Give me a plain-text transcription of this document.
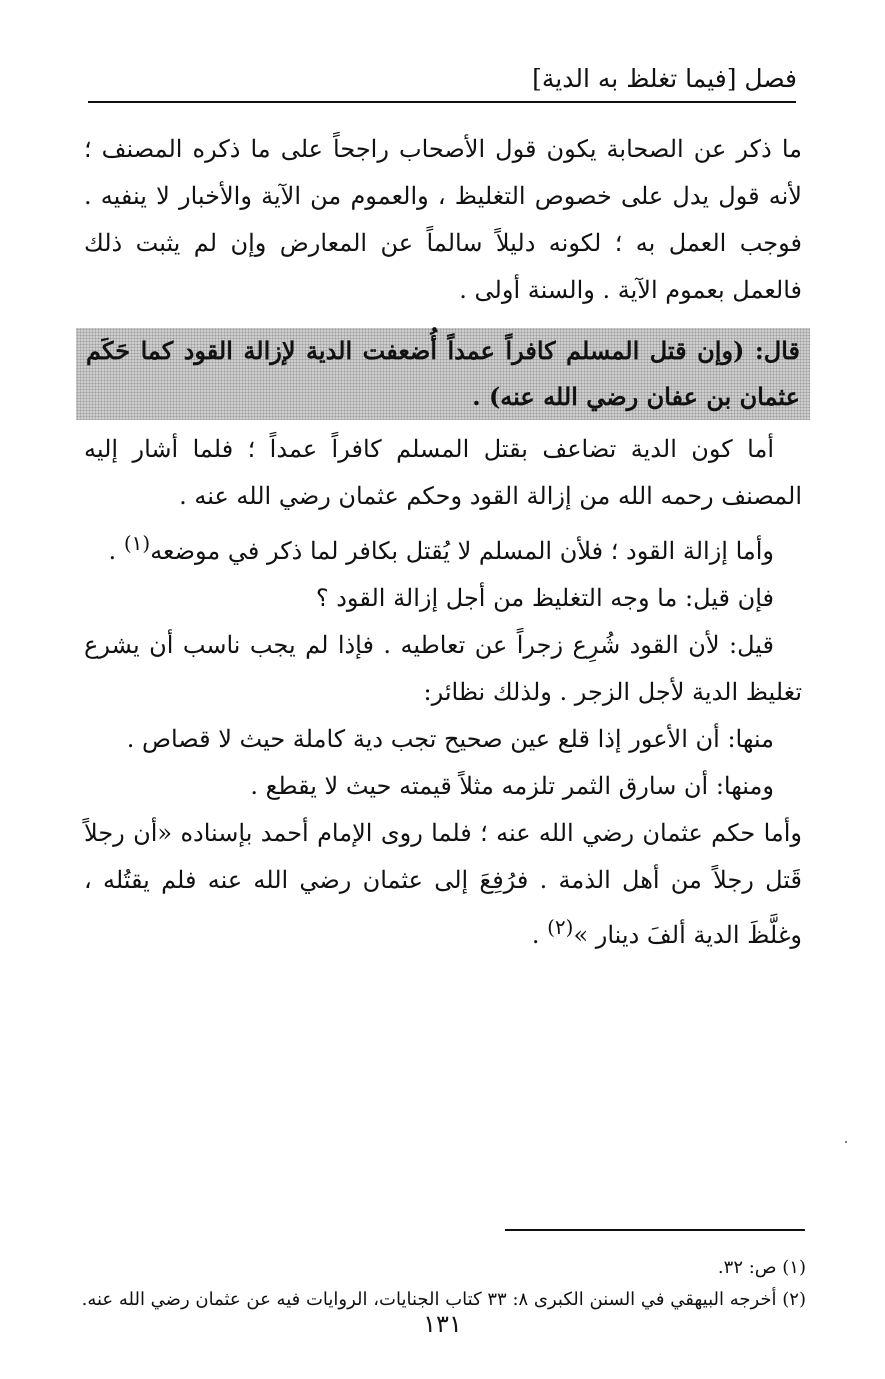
فصل [فيما تغلظ به الدية]

ما ذكر عن الصحابة يكون قول الأصحاب راجحاً على ما ذكره المصنف ؛ لأنه قول يدل على خصوص التغليظ ، والعموم من الآية والأخبار لا ينفيه . فوجب العمل به ؛ لكونه دليلاً سالماً عن المعارض وإن لم يثبت ذلك فالعمل بعموم الآية . والسنة أولى .

قال: (وإن قتل المسلم كافراً عمداً أُضعفت الدية لإزالة القود كما حَكَم عثمان بن عفان رضي الله عنه) .

أما كون الدية تضاعف بقتل المسلم كافراً عمداً ؛ فلما أشار إليه المصنف رحمه الله من إزالة القود وحكم عثمان رضي الله عنه .

وأما إزالة القود ؛ فلأن المسلم لا يُقتل بكافر لما ذكر في موضعه$^{(١)}$ .

فإن قيل: ما وجه التغليظ من أجل إزالة القود ؟

قيل: لأن القود شُرِع زجراً عن تعاطيه . فإذا لم يجب ناسب أن يشرع تغليظ الدية لأجل الزجر . ولذلك نظائر:

منها: أن الأعور إذا قلع عين صحيح تجب دية كاملة حيث لا قصاص .

ومنها: أن سارق الثمر تلزمه مثلاً قيمته حيث لا يقطع .

وأما حكم عثمان رضي الله عنه ؛ فلما روى الإمام أحمد بإسناده «أن رجلاً قَتل رجلاً من أهل الذمة . فرُفِعَ إلى عثمان رضي الله عنه فلم يقتُله ، وغلَّظَ الدية ألفَ دينار »$^{(٢)}$ .

(١) ص: ٣٢.

(٢) أخرجه البيهقي في السنن الكبرى ٨: ٣٣ كتاب الجنايات، الروايات فيه عن عثمان رضي الله عنه.

١٣١
